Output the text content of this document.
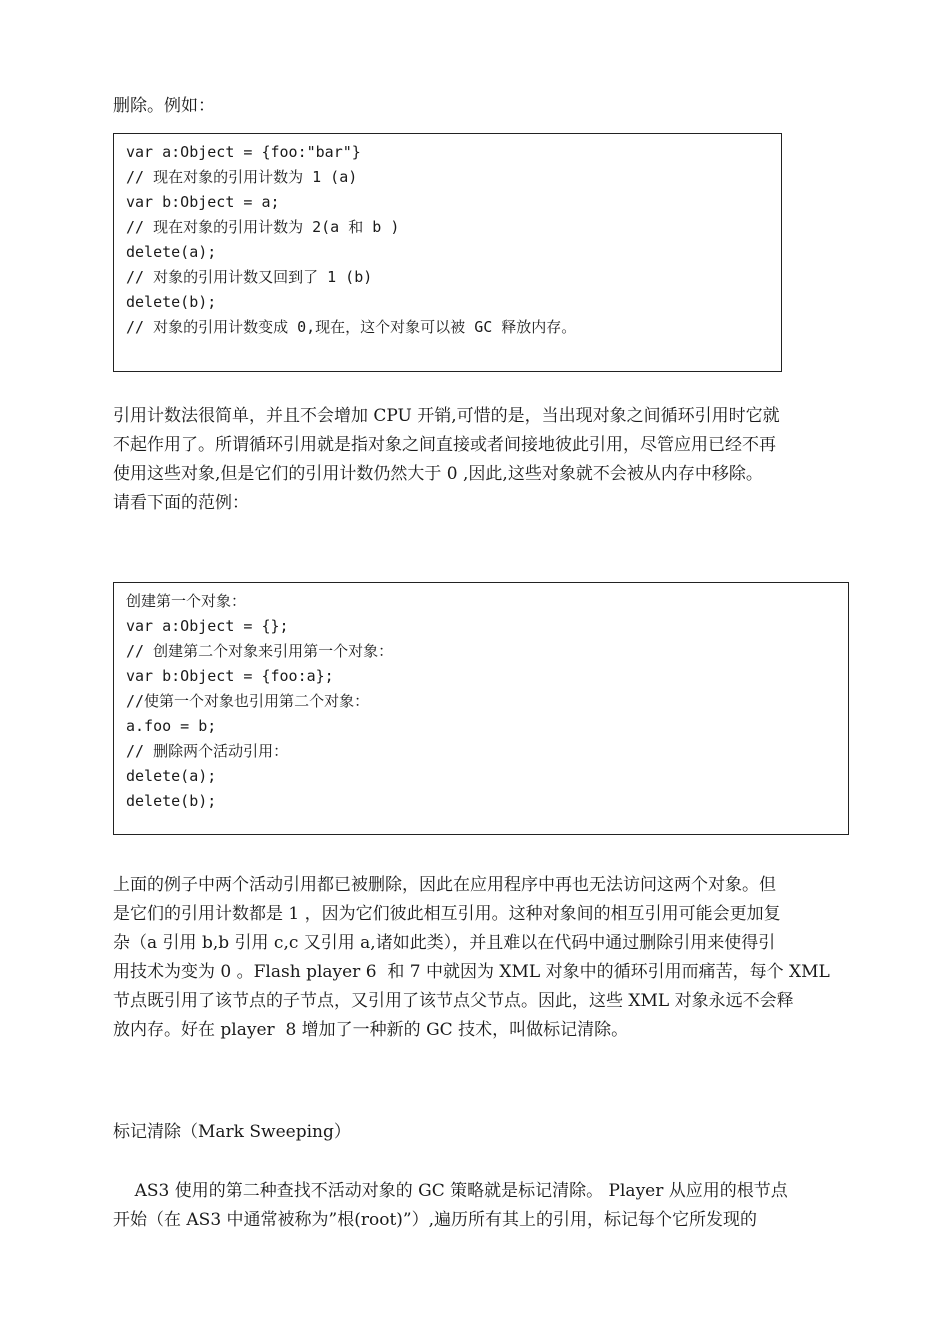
删除。例如：

var a:Object = {foo:"bar"}
// 现在对象的引用计数为 1 (a)
var b:Object = a;
// 现在对象的引用计数为 2(a 和 b )
delete(a);
// 对象的引用计数又回到了 1 (b)
delete(b);
// 对象的引用计数变成 0,现在，这个对象可以被 GC 释放内存。

引用计数法很简单，并且不会增加 CPU 开销,可惜的是，当出现对象之间循环引用时它就
不起作用了。所谓循环引用就是指对象之间直接或者间接地彼此引用，尽管应用已经不再
使用这些对象,但是它们的引用计数仍然大于 0 ,因此,这些对象就不会被从内存中移除。
请看下面的范例：

创建第一个对象：
var a:Object = {};
// 创建第二个对象来引用第一个对象：
var b:Object = {foo:a};
//使第一个对象也引用第二个对象：
a.foo = b;
// 删除两个活动引用：
delete(a);
delete(b);

上面的例子中两个活动引用都已被删除，因此在应用程序中再也无法访问这两个对象。但
是它们的引用计数都是 1 ，因为它们彼此相互引用。这种对象间的相互引用可能会更加复
杂（a 引用 b,b 引用 c,c 又引用 a,诸如此类），并且难以在代码中通过删除引用来使得引
用技术为变为 0 。Flash player 6  和 7 中就因为 XML 对象中的循环引用而痛苦，每个 XML
节点既引用了该节点的子节点，又引用了该节点父节点。因此，这些 XML 对象永远不会释
放内存。好在 player  8 增加了一种新的 GC 技术，叫做标记清除。

标记清除（Mark Sweeping）

AS3 使用的第二种查找不活动对象的 GC 策略就是标记清除。 Player 从应用的根节点
开始（在 AS3 中通常被称为”根(root)”）,遍历所有其上的引用，标记每个它所发现的
